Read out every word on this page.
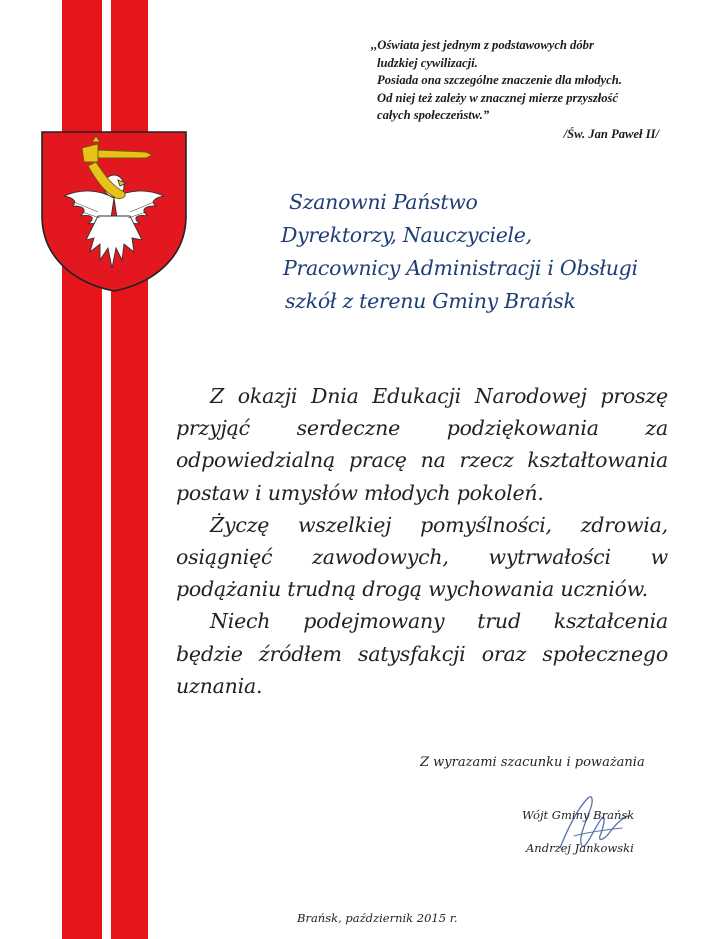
,,Oświata jest jednym z podstawowych dóbr
ludzkiej cywilizacji.
Posiada ona szczególne znaczenie dla młodych.
Od niej też zależy w znacznej mierze przyszłość
całych społeczeństw.”
/Św. Jan Paweł II/
Szanowni Państwo
Dyrektorzy, Nauczyciele,
Pracownicy Administracji i Obsługi
szkół z terenu Gminy Brańsk

Z okazji Dnia Edukacji Narodowej proszę
przyjąć serdeczne podziękowania za
odpowiedzialną pracę na rzecz kształtowania
postaw i umysłów młodych pokoleń.

Życzę wszelkiej pomyślności, zdrowia,
osiągnięć zawodowych, wytrwałości w
podążaniu trudną drogą wychowania uczniów.

Niech podejmowany trud kształcenia
będzie źródłem satysfakcji oraz społecznego
uznania.

Z wyrazami szacunku i poważania
Wójt Gminy Brańsk
Andrzej Jankowski
Brańsk, październik 2015 r.
